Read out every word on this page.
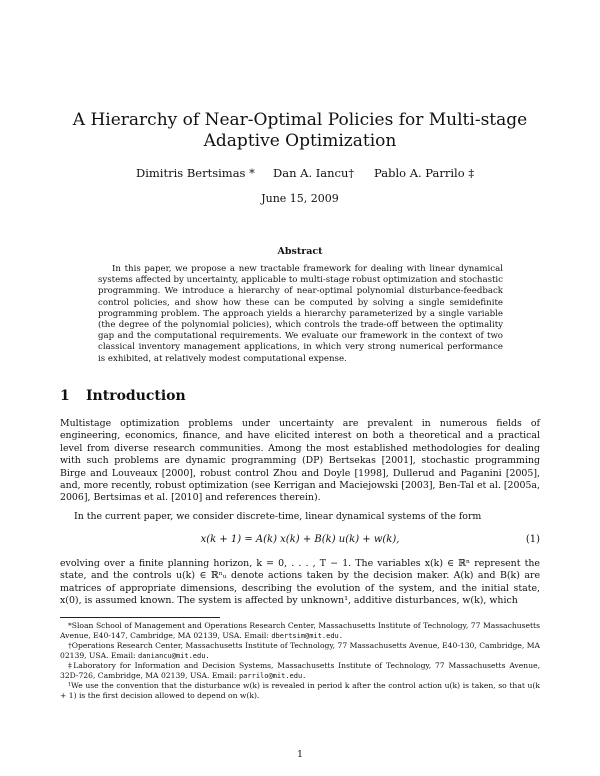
A Hierarchy of Near-Optimal Policies for Multi-stage Adaptive Optimization
Dimitris Bertsimas * Dan A. Iancu† Pablo A. Parrilo ‡
June 15, 2009
Abstract
In this paper, we propose a new tractable framework for dealing with linear dynamical systems affected by uncertainty, applicable to multi-stage robust optimization and stochastic programming. We introduce a hierarchy of near-optimal polynomial disturbance-feedback control policies, and show how these can be computed by solving a single semidefinite programming problem. The approach yields a hierarchy parameterized by a single variable (the degree of the polynomial policies), which controls the trade-off between the optimality gap and the computational requirements. We evaluate our framework in the context of two classical inventory management applications, in which very strong numerical performance is exhibited, at relatively modest computational expense.
1 Introduction
Multistage optimization problems under uncertainty are prevalent in numerous fields of engineering, economics, finance, and have elicited interest on both a theoretical and a practical level from diverse research communities. Among the most established methodologies for dealing with such problems are dynamic programming (DP) Bertsekas [2001], stochastic programming Birge and Louveaux [2000], robust control Zhou and Doyle [1998], Dullerud and Paganini [2005], and, more recently, robust optimization (see Kerrigan and Maciejowski [2003], Ben-Tal et al. [2005a, 2006], Bertsimas et al. [2010] and references therein).
In the current paper, we consider discrete-time, linear dynamical systems of the form
x(k + 1) = A(k) x(k) + B(k) u(k) + w(k),	(1)
evolving over a finite planning horizon, k = 0, . . . , T − 1. The variables x(k) ∈ ℝⁿ represent the state, and the controls u(k) ∈ ℝⁿᵤ denote actions taken by the decision maker. A(k) and B(k) are matrices of appropriate dimensions, describing the evolution of the system, and the initial state, x(0), is assumed known. The system is affected by unknown¹, additive disturbances, w(k), which
*Sloan School of Management and Operations Research Center, Massachusetts Institute of Technology, 77 Massachusetts Avenue, E40-147, Cambridge, MA 02139, USA. Email: dbertsim@mit.edu.
†Operations Research Center, Massachusetts Institute of Technology, 77 Massachusetts Avenue, E40-130, Cambridge, MA 02139, USA. Email: daniancu@mit.edu.
‡Laboratory for Information and Decision Systems, Massachusetts Institute of Technology, 77 Massachusetts Avenue, 32D-726, Cambridge, MA 02139, USA. Email: parrilo@mit.edu.
¹We use the convention that the disturbance w(k) is revealed in period k after the control action u(k) is taken, so that u(k + 1) is the first decision allowed to depend on w(k).
1
